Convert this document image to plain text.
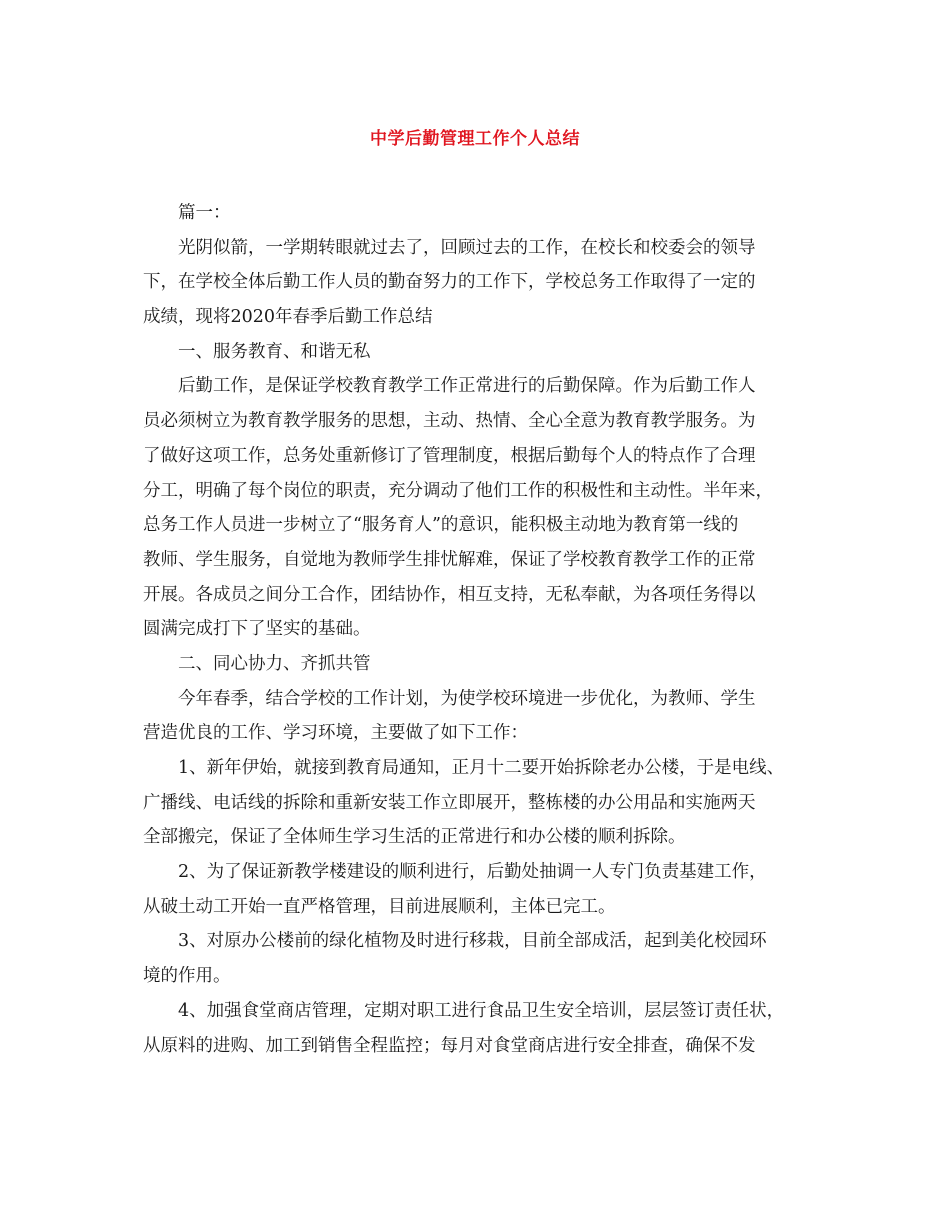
中学后勤管理工作个人总结
篇一：
光阴似箭，一学期转眼就过去了，回顾过去的工作，在校长和校委会的领导
下，在学校全体后勤工作人员的勤奋努力的工作下，学校总务工作取得了一定的
成绩，现将2020年春季后勤工作总结
一、服务教育、和谐无私
后勤工作，是保证学校教育教学工作正常进行的后勤保障。作为后勤工作人
员必须树立为教育教学服务的思想，主动、热情、全心全意为教育教学服务。为
了做好这项工作，总务处重新修订了管理制度，根据后勤每个人的特点作了合理
分工，明确了每个岗位的职责，充分调动了他们工作的积极性和主动性。半年来，
总务工作人员进一步树立了“服务育人”的意识，能积极主动地为教育第一线的
教师、学生服务，自觉地为教师学生排忧解难，保证了学校教育教学工作的正常
开展。各成员之间分工合作，团结协作，相互支持，无私奉献，为各项任务得以
圆满完成打下了坚实的基础。
二、同心协力、齐抓共管
今年春季，结合学校的工作计划，为使学校环境进一步优化，为教师、学生
营造优良的工作、学习环境，主要做了如下工作：
1、新年伊始，就接到教育局通知，正月十二要开始拆除老办公楼，于是电线、
广播线、电话线的拆除和重新安装工作立即展开，整栋楼的办公用品和实施两天
全部搬完，保证了全体师生学习生活的正常进行和办公楼的顺利拆除。
2、为了保证新教学楼建设的顺利进行，后勤处抽调一人专门负责基建工作，
从破土动工开始一直严格管理，目前进展顺利，主体已完工。
3、对原办公楼前的绿化植物及时进行移栽，目前全部成活，起到美化校园环
境的作用。
4、加强食堂商店管理，定期对职工进行食品卫生安全培训，层层签订责任状，
从原料的进购、加工到销售全程监控；每月对食堂商店进行安全排查，确保不发
